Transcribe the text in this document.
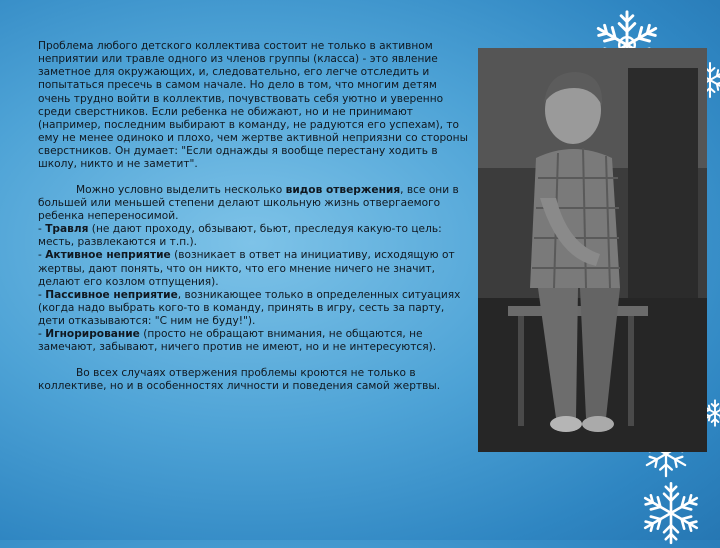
Проблема любого детского коллектива состоит не только в активном неприятии или травле одного из членов группы (класса) - это явление заметное для окружающих, и, следовательно, его легче отследить и попытаться пресечь в самом начале. Но дело в том, что многим детям очень трудно войти в коллектив, почувствовать себя уютно и уверенно среди сверстников. Если ребенка не обижают, но и не принимают (например, последним выбирают в команду, не радуются его успехам), то ему не менее одиноко и плохо, чем жертве активной неприязни со стороны сверстников. Он думает: "Если однажды я вообще перестану ходить в школу, никто и не заметит".

Можно условно выделить несколько видов отвержения, все они в большей или меньшей степени делают школьную жизнь отвергаемого ребенка непереносимой.

- Травля (не дают проходу, обзывают, бьют, преследуя какую-то цель: месть, развлекаются и т.п.).

- Активное неприятие (возникает в ответ на инициативу, исходящую от жертвы, дают понять, что он никто, что его мнение ничего не значит, делают его козлом отпущения).

- Пассивное неприятие, возникающее только в определенных ситуациях (когда надо выбрать кого-то в команду, принять в игру, сесть за парту, дети отказываются: "С ним не буду!").

- Игнорирование (просто не обращают внимания, не общаются, не замечают, забывают, ничего против не имеют, но и не интересуются).

Во всех случаях отвержения проблемы кроются не только в коллективе, но и в особенностях личности и поведения самой жертвы.
